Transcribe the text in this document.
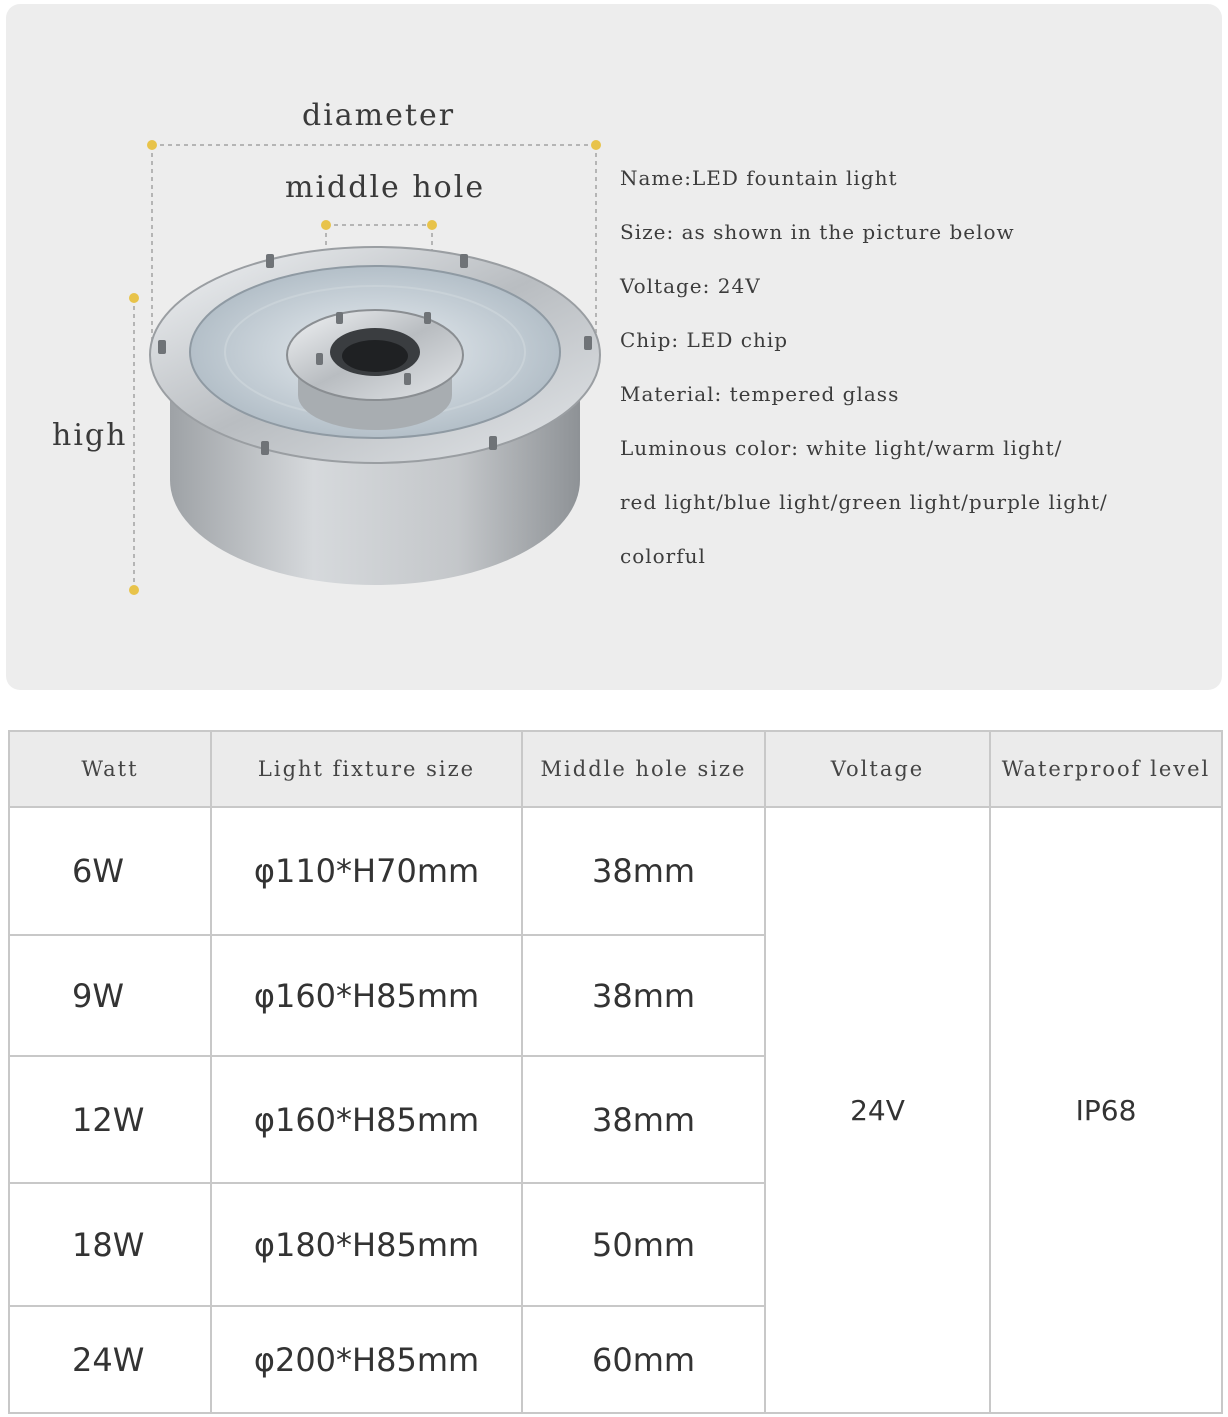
diameter
middle hole
high
Name:LED fountain light
Size: as shown in the picture below
Voltage: 24V
Chip: LED chip
Material: tempered glass
Luminous color: white light/warm light/
red light/blue light/green light/purple light/
colorful
Watt	Light fixture size	Middle hole size	Voltage	Waterproof level
6W	φ110*H70mm	38mm	24V	IP68
9W	φ160*H85mm	38mm		
12W	φ160*H85mm	38mm		
18W	φ180*H85mm	50mm		
24W	φ200*H85mm	60mm		
